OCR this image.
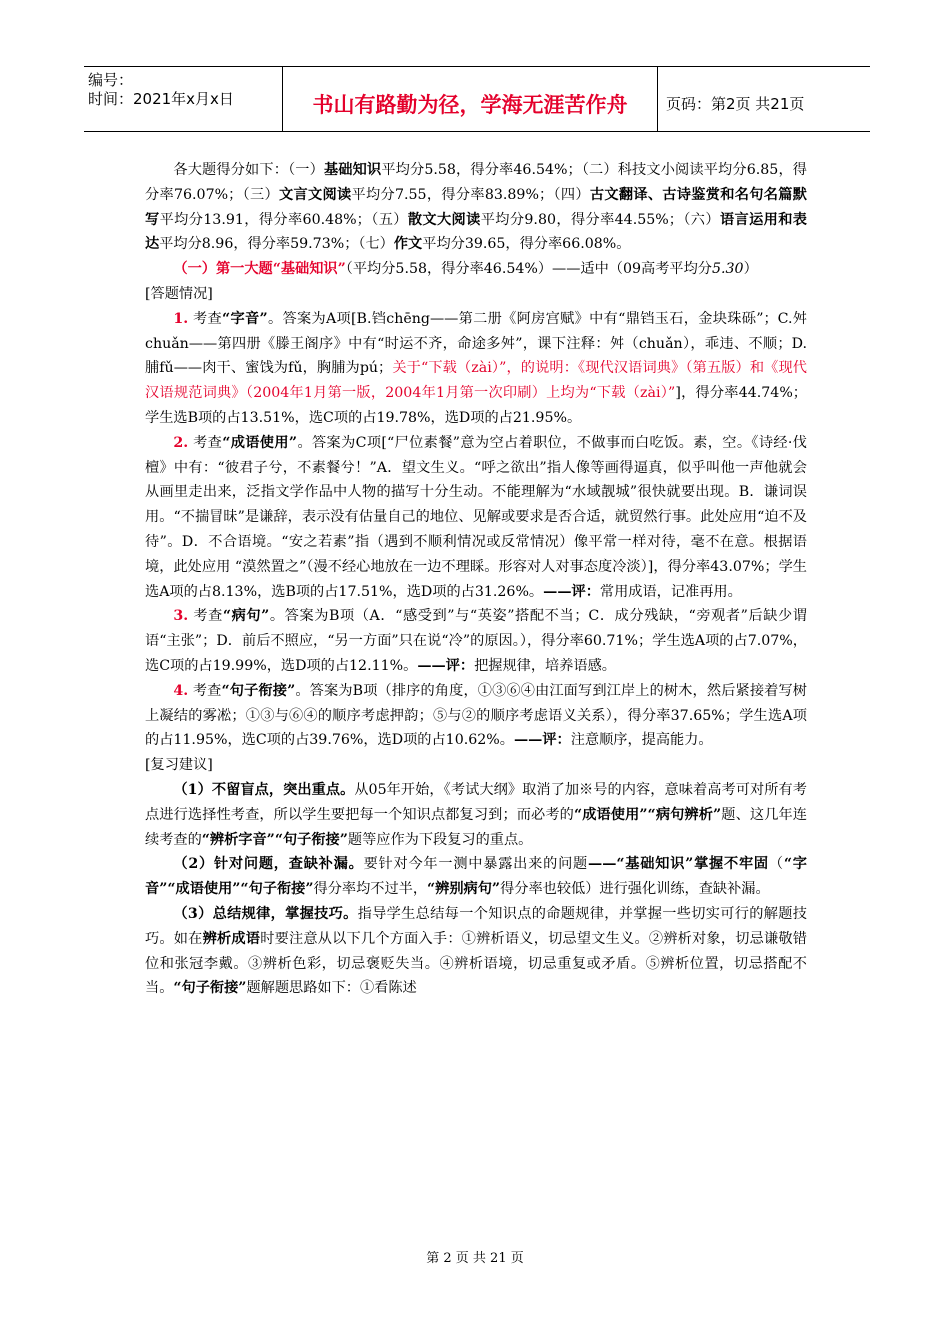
编号：
时间：2021年x月x日	书山有路勤为径，学海无涯苦作舟	页码：第2页 共21页

各大题得分如下：（一）基础知识平均分5.58，得分率46.54%；（二）科技文小阅读平均分6.85，得分率76.07%；（三）文言文阅读平均分7.55，得分率83.89%；（四）古文翻译、古诗鉴赏和名句名篇默写平均分13.91，得分率60.48%；（五）散文大阅读平均分9.80，得分率44.55%；（六）语言运用和表达平均分8.96，得分率59.73%；（七）作文平均分39.65，得分率66.08%。

（一）第一大题“基础知识”（平均分5.58，得分率46.54%）——适中（09高考平均分5.30）

[答题情况]

1. 考查“字音”。答案为A项[B.铛chēng——第二册《阿房宫赋》中有“鼎铛玉石，金块珠砾”；C.舛chuǎn——第四册《滕王阁序》中有“时运不齐，命途多舛”，课下注释：舛（chuǎn），乖违、不顺；D.脯fǔ——肉干、蜜饯为fǔ，胸脯为pú；关于“下载（zài）”，的说明：《现代汉语词典》（第五版）和《现代汉语规范词典》（2004年1月第一版，2004年1月第一次印刷）上均为“下载（zài）”]，得分率44.74%；学生选B项的占13.51%，选C项的占19.78%，选D项的占21.95%。

2. 考查“成语使用”。答案为C项[“尸位素餐”意为空占着职位，不做事而白吃饭。素，空。《诗经·伐檀》中有：“彼君子兮，不素餐兮！”A．望文生义。“呼之欲出”指人像等画得逼真，似乎叫他一声他就会从画里走出来，泛指文学作品中人物的描写十分生动。不能理解为“水域靓城”很快就要出现。B．谦词误用。“不揣冒昧”是谦辞，表示没有估量自己的地位、见解或要求是否合适，就贸然行事。此处应用“迫不及待”。D．不合语境。“安之若素”指（遇到不顺利情况或反常情况）像平常一样对待，毫不在意。根据语境，此处应用 “漠然置之”（漫不经心地放在一边不理睬。形容对人对事态度冷淡）]，得分率43.07%；学生选A项的占8.13%，选B项的占17.51%，选D项的占31.26%。——评：常用成语，记准再用。

3. 考查“病句”。答案为B项（A．“感受到”与“英姿”搭配不当；C．成分残缺，“旁观者”后缺少谓语“主张”；D．前后不照应，“另一方面”只在说“冷”的原因。），得分率60.71%；学生选A项的占7.07%，选C项的占19.99%，选D项的占12.11%。——评：把握规律，培养语感。

4. 考查“句子衔接”。答案为B项（排序的角度，①③⑥④由江面写到江岸上的树木，然后紧接着写树上凝结的雾凇；①③与⑥④的顺序考虑押韵；⑤与②的顺序考虑语义关系），得分率37.65%；学生选A项的占11.95%，选C项的占39.76%，选D项的占10.62%。——评：注意顺序，提高能力。

[复习建议]

（1）不留盲点，突出重点。从05年开始，《考试大纲》取消了加※号的内容，意味着高考可对所有考点进行选择性考查，所以学生要把每一个知识点都复习到；而必考的“成语使用”“病句辨析”题、这几年连续考查的“辨析字音”“句子衔接”题等应作为下段复习的重点。

（2）针对问题，查缺补漏。要针对今年一测中暴露出来的问题——“基础知识”掌握不牢固（“字音”“成语使用”“句子衔接”得分率均不过半，“辨别病句”得分率也较低）进行强化训练，查缺补漏。

（3）总结规律，掌握技巧。指导学生总结每一个知识点的命题规律，并掌握一些切实可行的解题技巧。如在辨析成语时要注意从以下几个方面入手：①辨析语义，切忌望文生义。②辨析对象，切忌谦敬错位和张冠李戴。③辨析色彩，切忌褒贬失当。④辨析语境，切忌重复或矛盾。⑤辨析位置，切忌搭配不当。“句子衔接”题解题思路如下：①看陈述

第 2 页 共 21 页
